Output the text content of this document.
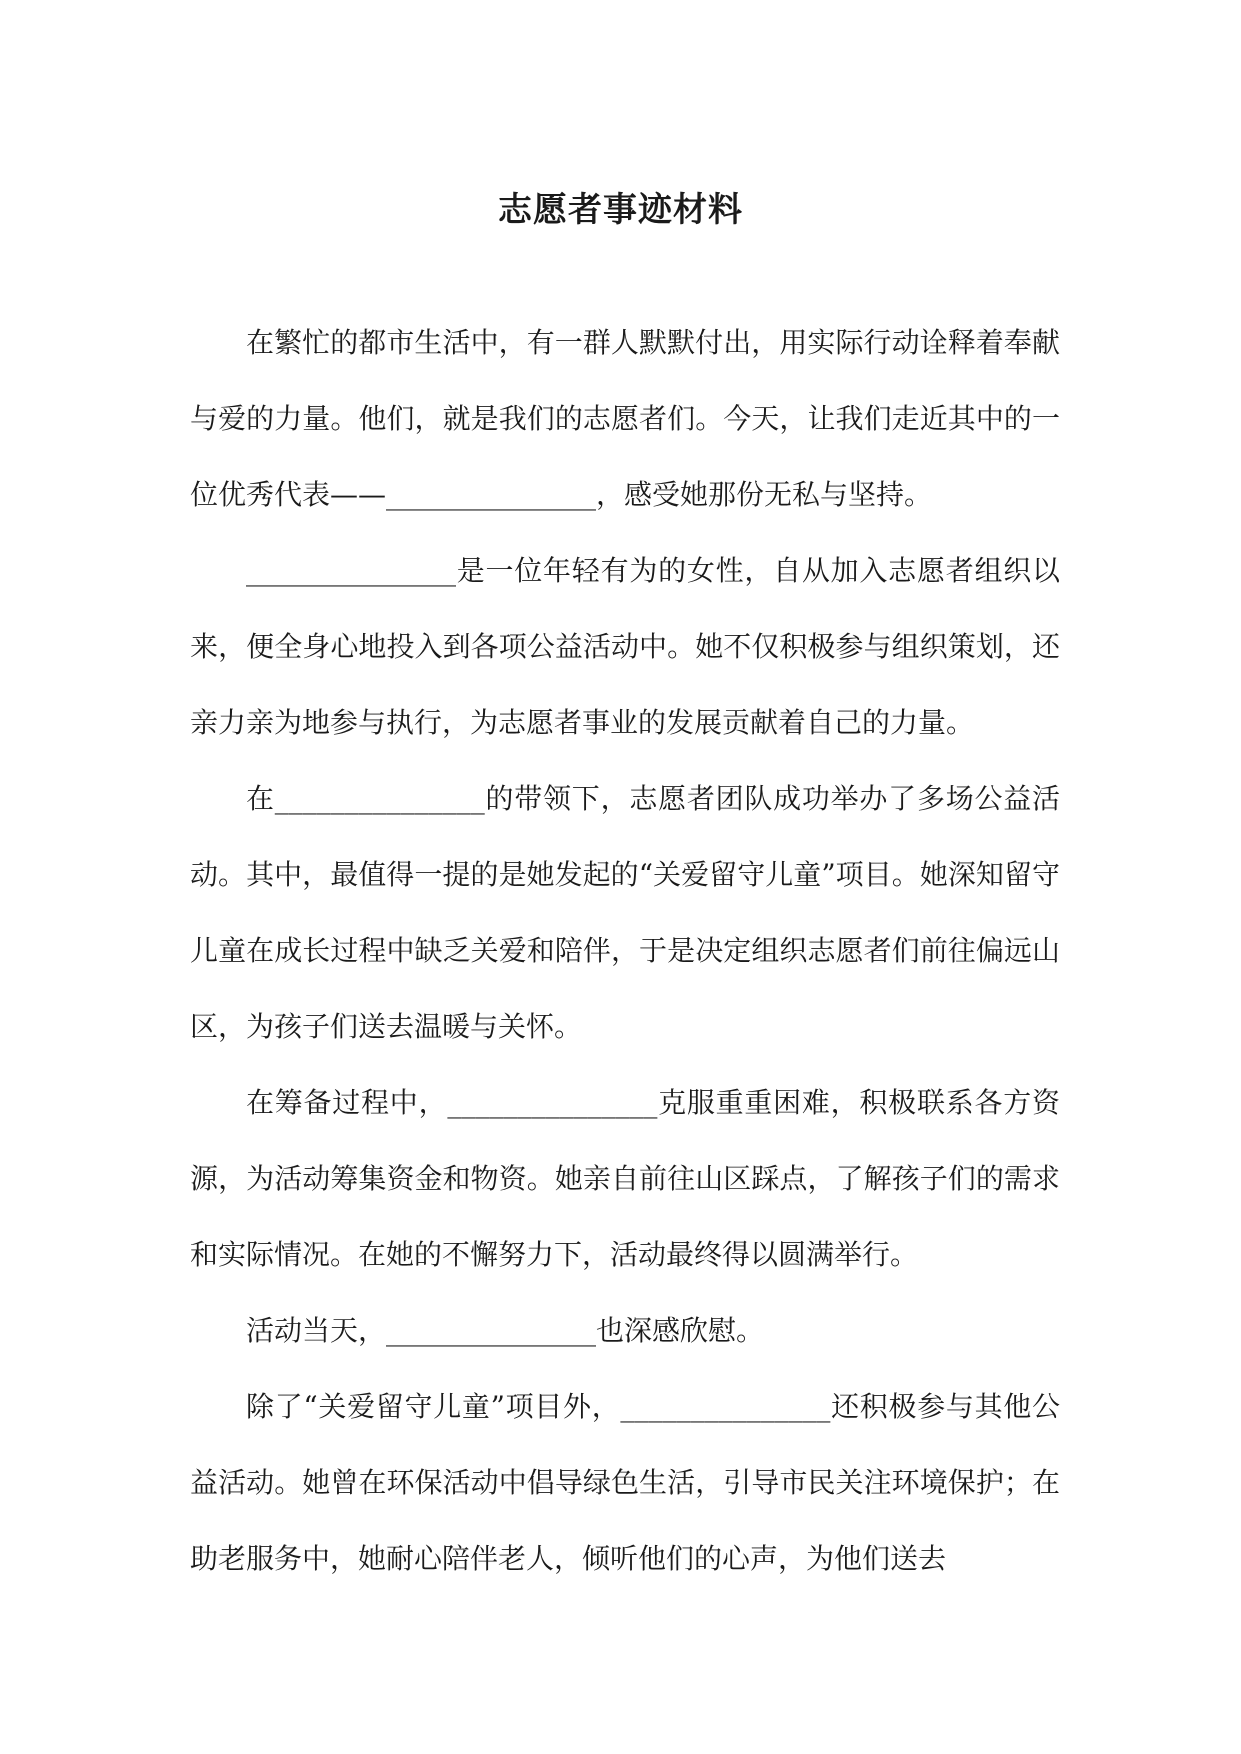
志愿者事迹材料

在繁忙的都市生活中，有一群人默默付出，用实际行动诠释着奉献与爱的力量。他们，就是我们的志愿者们。今天，让我们走近其中的一位优秀代表——_______________，感受她那份无私与坚持。

_______________是一位年轻有为的女性，自从加入志愿者组织以来，便全身心地投入到各项公益活动中。她不仅积极参与组织策划，还亲力亲为地参与执行，为志愿者事业的发展贡献着自己的力量。

在_______________的带领下，志愿者团队成功举办了多场公益活动。其中，最值得一提的是她发起的“关爱留守儿童”项目。她深知留守儿童在成长过程中缺乏关爱和陪伴，于是决定组织志愿者们前往偏远山区，为孩子们送去温暖与关怀。

在筹备过程中，_______________克服重重困难，积极联系各方资源，为活动筹集资金和物资。她亲自前往山区踩点，了解孩子们的需求和实际情况。在她的不懈努力下，活动最终得以圆满举行。

活动当天，_______________也深感欣慰。

除了“关爱留守儿童”项目外，_______________还积极参与其他公益活动。她曾在环保活动中倡导绿色生活，引导市民关注环境保护；在助老服务中，她耐心陪伴老人，倾听他们的心声，为他们送去
